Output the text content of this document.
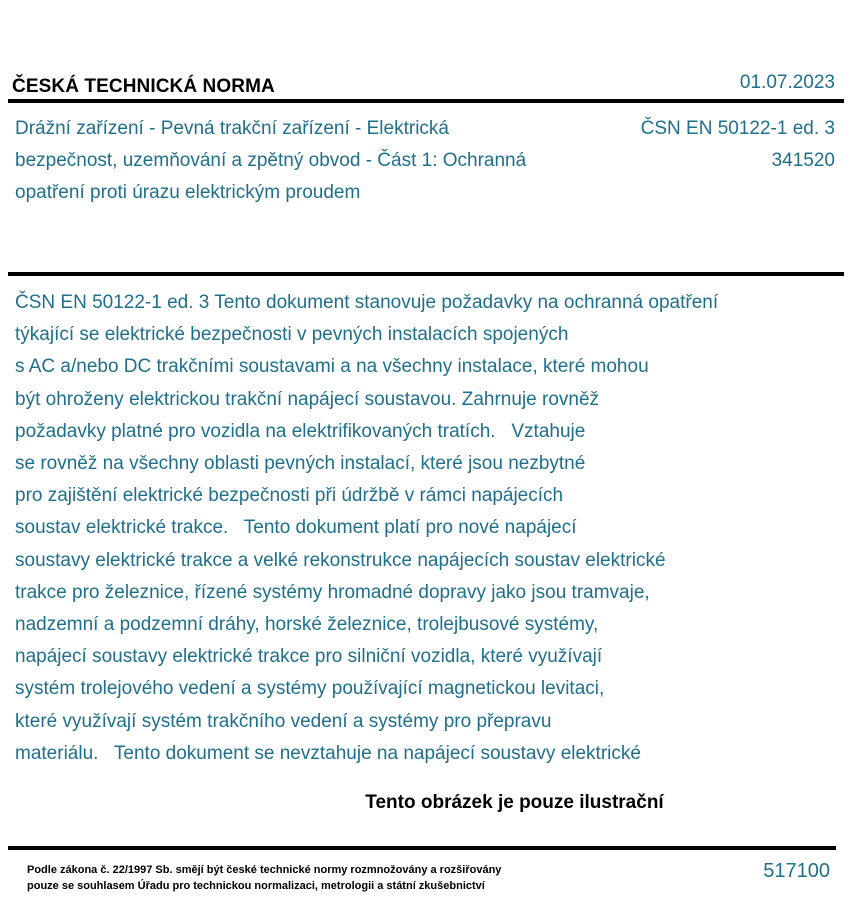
ČESKÁ TECHNICKÁ NORMA	01.07.2023
Drážní zařízení - Pevná trakční zařízení - Elektrická
bezpečnost, uzemňování a zpětný obvod - Část 1: Ochranná
opatření proti úrazu elektrickým proudem
ČSN EN 50122-1 ed. 3
341520
ČSN EN 50122-1 ed. 3 Tento dokument stanovuje požadavky na ochranná opatření
týkající se elektrické bezpečnosti v pevných instalacích spojených
s AC a/nebo DC trakčními soustavami a na všechny instalace, které mohou
být ohroženy elektrickou trakční napájecí soustavou. Zahrnuje rovněž
požadavky platné pro vozidla na elektrifikovaných tratích.   Vztahuje
se rovněž na všechny oblasti pevných instalací, které jsou nezbytné
pro zajištění elektrické bezpečnosti při údržbě v rámci napájecích
soustav elektrické trakce.   Tento dokument platí pro nové napájecí
soustavy elektrické trakce a velké rekonstrukce napájecích soustav elektrické
trakce pro železnice, řízené systémy hromadné dopravy jako jsou tramvaje,
nadzemní a podzemní dráhy, horské železnice, trolejbusové systémy,
napájecí soustavy elektrické trakce pro silniční vozidla, které využívají
systém trolejového vedení a systémy používající magnetickou levitaci,
které využívají systém trakčního vedení a systémy pro přepravu
materiálu.   Tento dokument se nevztahuje na napájecí soustavy elektrické
Tento obrázek je pouze ilustrační
Podle zákona č. 22/1997 Sb. smějí být české technické normy rozmnožovány a rozšiřovány
pouze se souhlasem Úřadu pro technickou normalizaci, metrologii a státní zkušebnictví
517100
